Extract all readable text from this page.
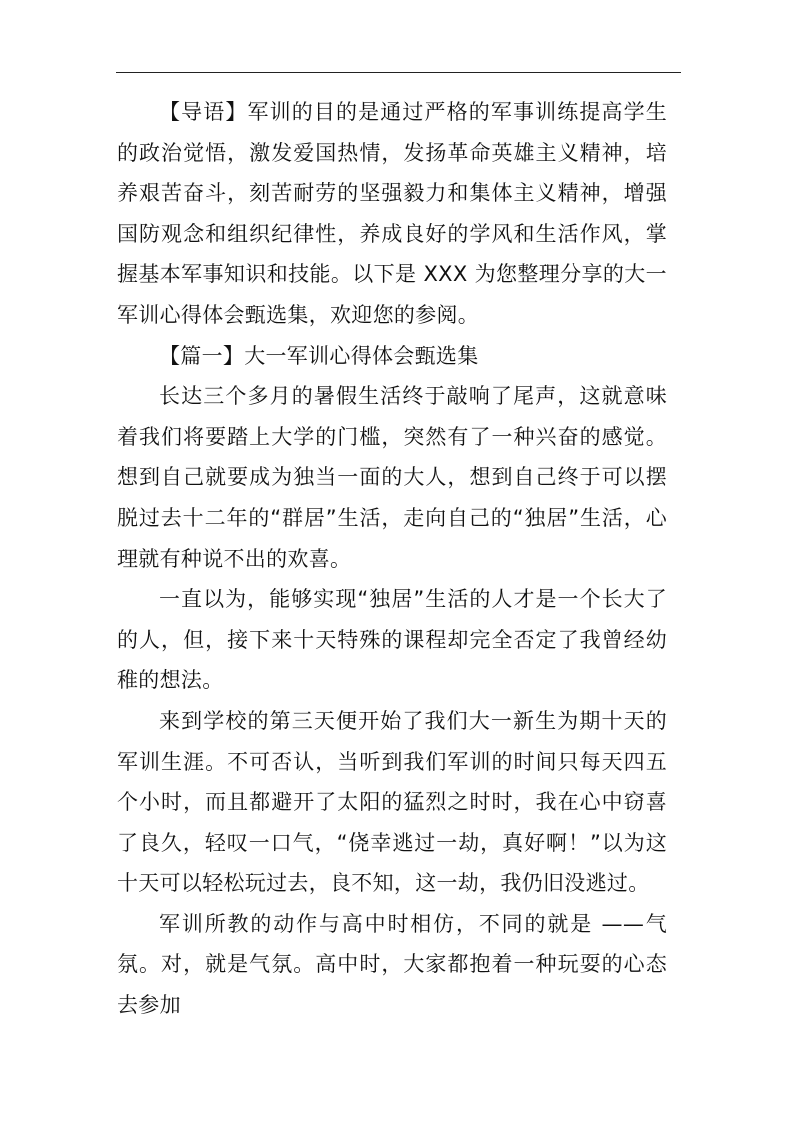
【导语】军训的目的是通过严格的军事训练提高学生的政治觉悟，激发爱国热情，发扬革命英雄主义精神，培养艰苦奋斗，刻苦耐劳的坚强毅力和集体主义精神，增强国防观念和组织纪律性，养成良好的学风和生活作风，掌握基本军事知识和技能。以下是 XXX 为您整理分享的大一军训心得体会甄选集，欢迎您的参阅。

【篇一】大一军训心得体会甄选集

长达三个多月的暑假生活终于敲响了尾声，这就意味着我们将要踏上大学的门槛，突然有了一种兴奋的感觉。想到自己就要成为独当一面的大人，想到自己终于可以摆脱过去十二年的“群居”生活，走向自己的“独居”生活，心理就有种说不出的欢喜。

一直以为，能够实现“独居”生活的人才是一个长大了的人，但，接下来十天特殊的课程却完全否定了我曾经幼稚的想法。

来到学校的第三天便开始了我们大一新生为期十天的军训生涯。不可否认，当听到我们军训的时间只每天四五个小时，而且都避开了太阳的猛烈之时时，我在心中窃喜了良久，轻叹一口气，“侥幸逃过一劫，真好啊！”以为这十天可以轻松玩过去，良不知，这一劫，我仍旧没逃过。

军训所教的动作与高中时相仿，不同的就是 ——气氛。对，就是气氛。高中时，大家都抱着一种玩耍的心态去参加
